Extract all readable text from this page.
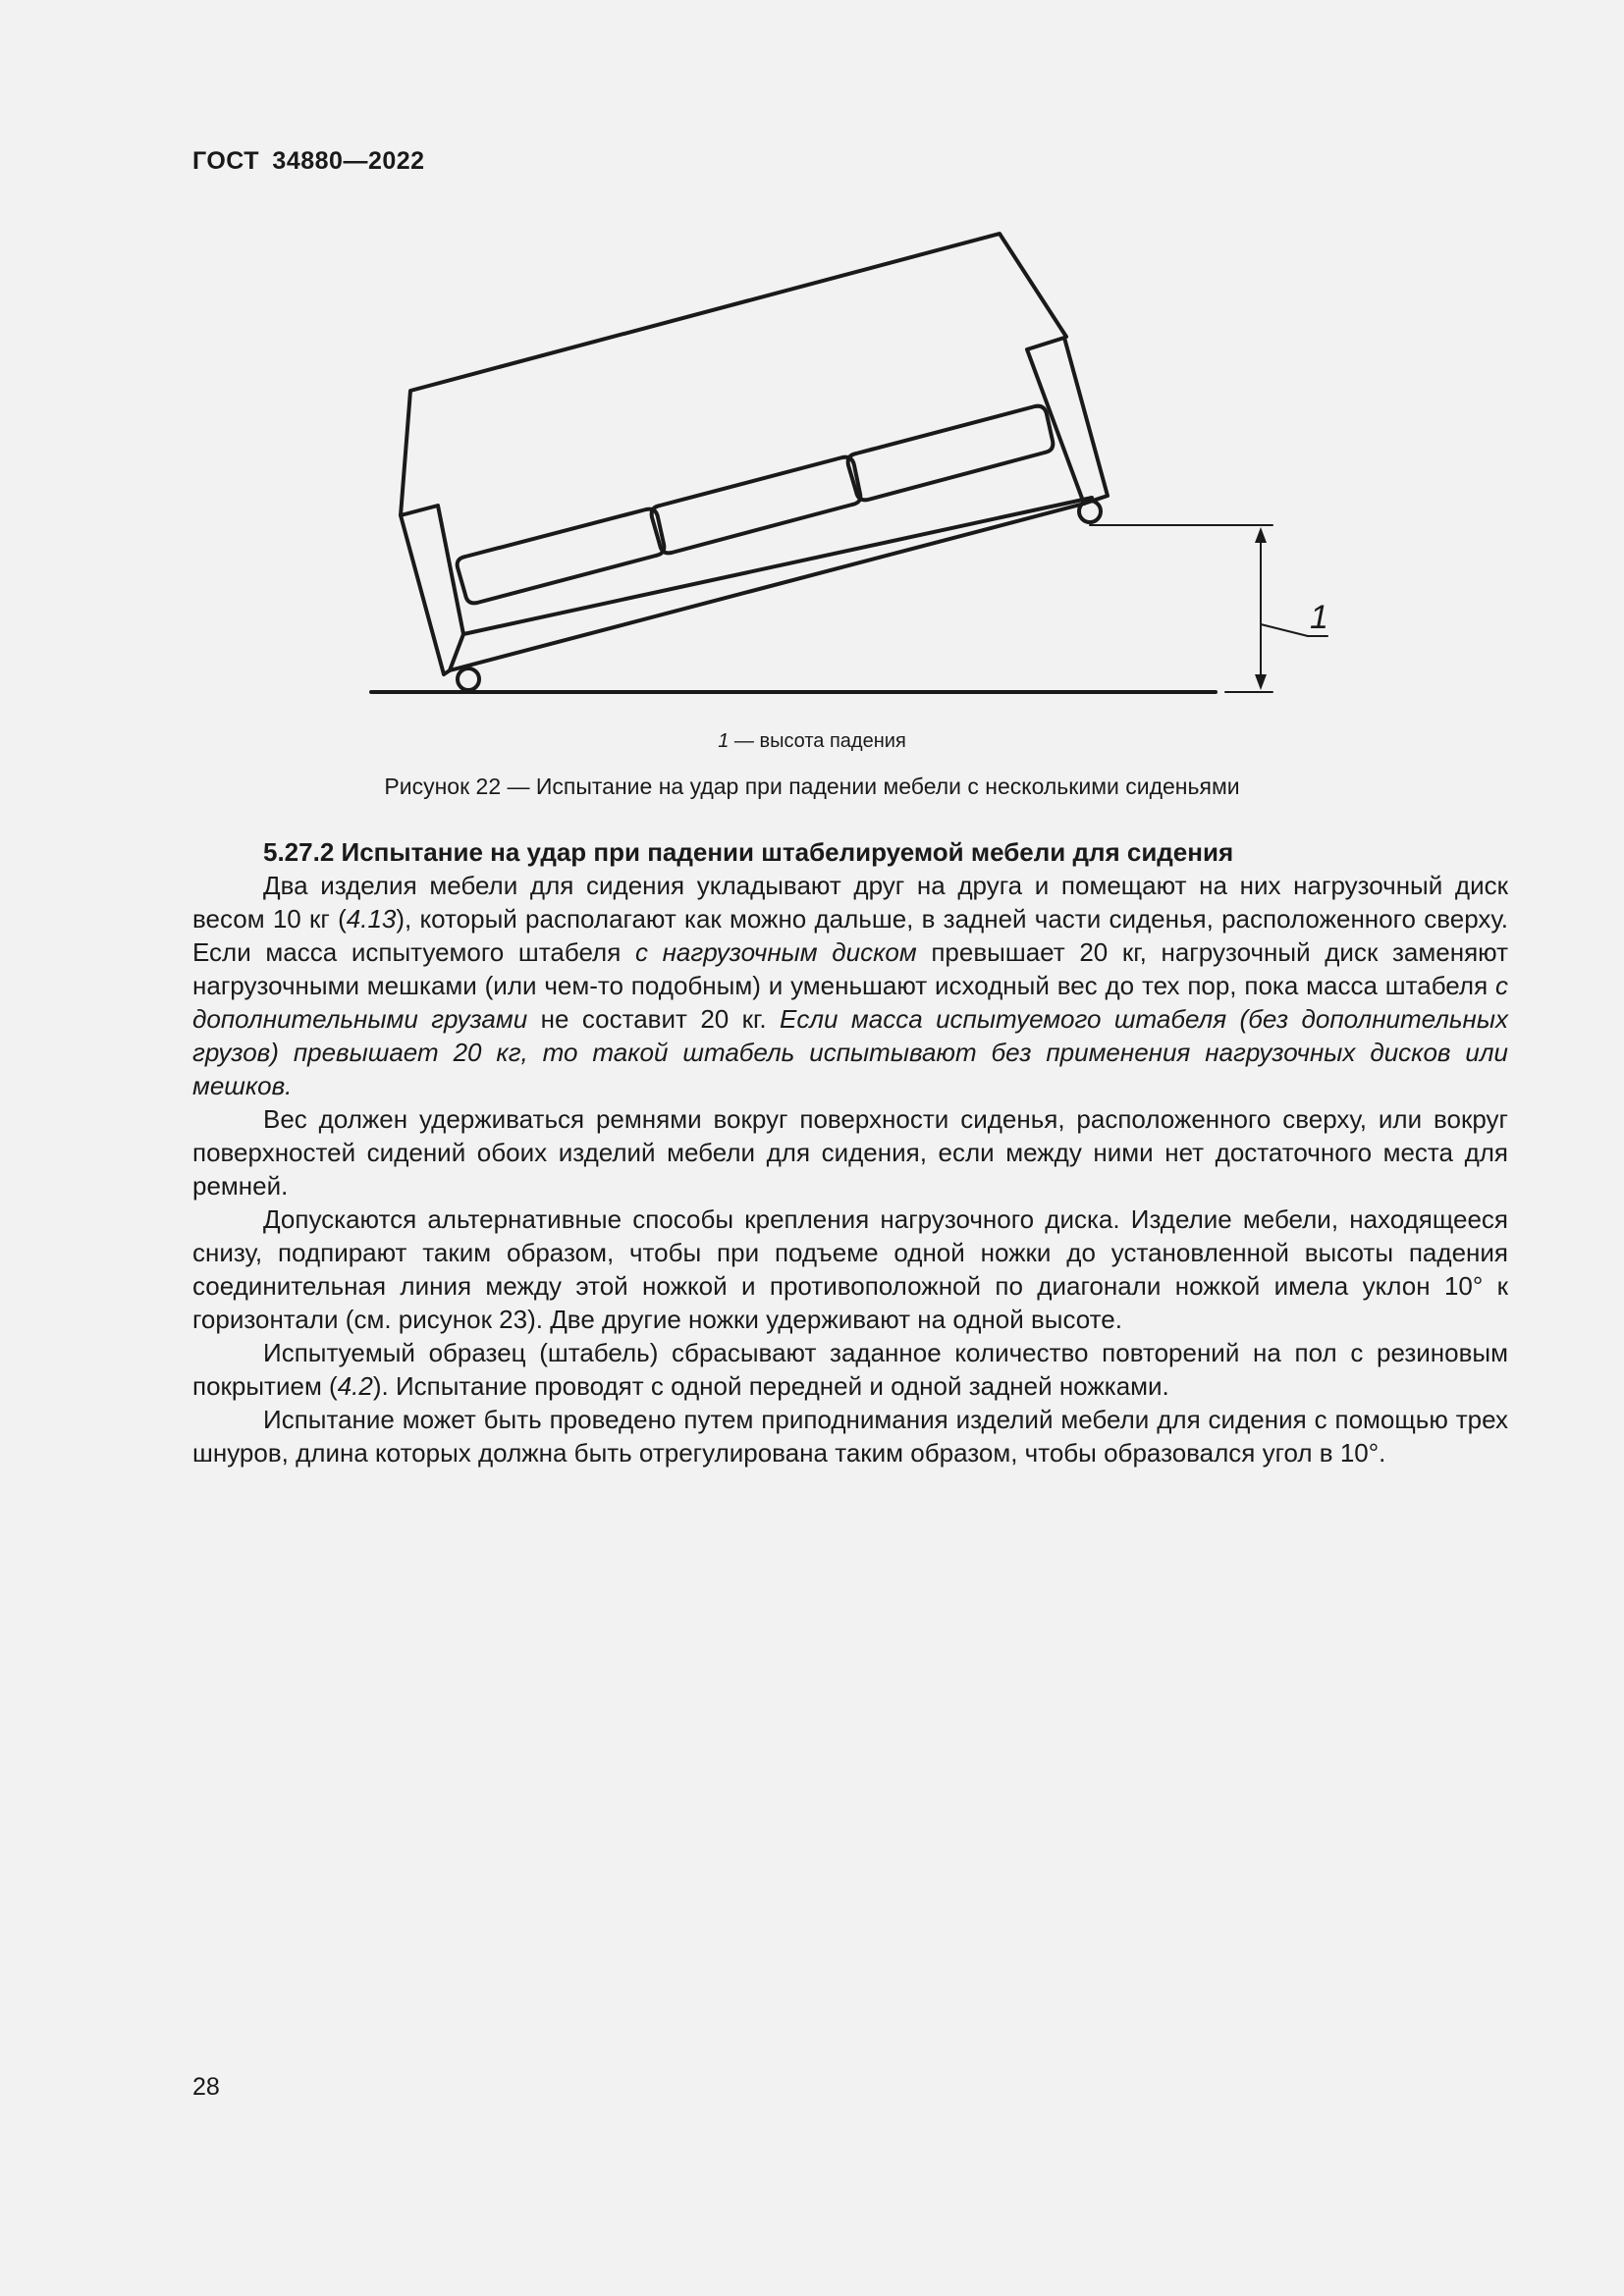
ГОСТ 34880—2022
1
1 — высота падения
Рисунок 22 — Испытание на удар при падении мебели с несколькими сиденьями

5.27.2 Испытание на удар при падении штабелируемой мебели для сидения

Два изделия мебели для сидения укладывают друг на друга и помещают на них нагрузочный диск весом 10 кг (4.13), который располагают как можно дальше, в задней части сиденья, расположенного сверху. Если масса испытуемого штабеля с нагрузочным диском превышает 20 кг, нагрузочный диск заменяют нагрузочными мешками (или чем-то подобным) и уменьшают исходный вес до тех пор, пока масса штабеля с дополнительными грузами не составит 20 кг. Если масса испытуемого штабеля (без дополнительных грузов) превышает 20 кг, то такой штабель испытывают без применения нагрузочных дисков или мешков.

Вес должен удерживаться ремнями вокруг поверхности сиденья, расположенного сверху, или вокруг поверхностей сидений обоих изделий мебели для сидения, если между ними нет достаточного места для ремней.

Допускаются альтернативные способы крепления нагрузочного диска. Изделие мебели, находящееся снизу, подпирают таким образом, чтобы при подъеме одной ножки до установленной высоты падения соединительная линия между этой ножкой и противоположной по диагонали ножкой имела уклон 10° к горизонтали (см. рисунок 23). Две другие ножки удерживают на одной высоте.

Испытуемый образец (штабель) сбрасывают заданное количество повторений на пол с резиновым покрытием (4.2). Испытание проводят с одной передней и одной задней ножками.

Испытание может быть проведено путем приподнимания изделий мебели для сидения с помощью трех шнуров, длина которых должна быть отрегулирована таким образом, чтобы образовался угол в 10°.

28
